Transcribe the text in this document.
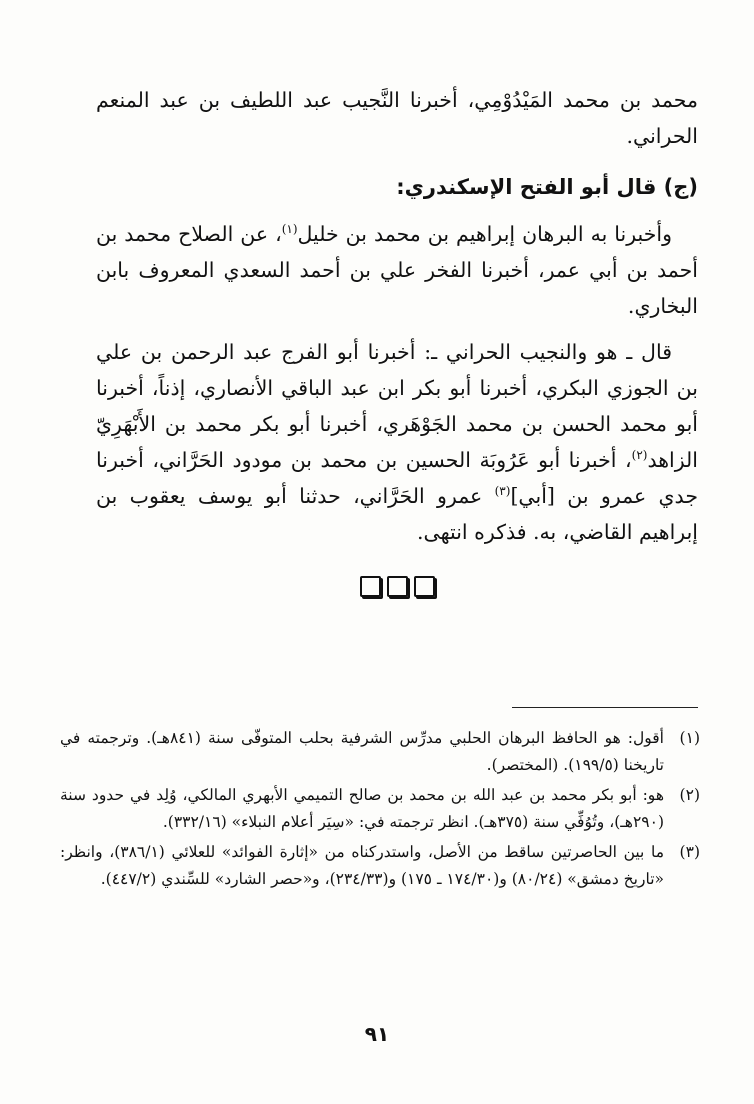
محمد بن محمد المَيْدُوْمِي، أخبرنا النَّجيب عبد اللطيف بن عبد المنعم الحراني.

(ج) قال أبو الفتح الإسكندري:

وأخبرنا به البرهان إبراهيم بن محمد بن خليل$^{(١)}$، عن الصلاح محمد بن أحمد بن أبي عمر، أخبرنا الفخر علي بن أحمد السعدي المعروف بابن البخاري.

قال ـ هو والنجيب الحراني ـ: أخبرنا أبو الفرج عبد الرحمن بن علي بن الجوزي البكري، أخبرنا أبو بكر ابن عبد الباقي الأنصاري، إذناً، أخبرنا أبو محمد الحسن بن محمد الجَوْهَري، أخبرنا أبو بكر محمد بن الأَبْهَرِيّ الزاهد$^{(٢)}$، أخبرنا أبو عَرُوبَة الحسين بن محمد بن مودود الحَرَّاني، أخبرنا جدي عمرو بن [أبي]$^{(٣)}$ عمرو الحَرَّاني، حدثنا أبو يوسف يعقوب بن إبراهيم القاضي، به. فذكره انتهى.

(١)
أقول: هو الحافظ البرهان الحلبي مدرِّس الشرفية بحلب المتوفّى سنة (٨٤١هـ). وترجمته في تاريخنا (١٩٩/٥). (المختصر).
(٢)
هو: أبو بكر محمد بن عبد الله بن محمد بن صالح التميمي الأبهري المالكي، وُلِد في حدود سنة (٢٩٠هـ)، وتُوُفِّي سنة (٣٧٥هـ). انظر ترجمته في: «سِيَر أعلام النبلاء» (٣٣٢/١٦).
(٣)
ما بين الحاصرتين ساقط من الأصل، واستدركناه من «إثارة الفوائد» للعلائي (٣٨٦/١)، وانظر: «تاريخ دمشق» (٨٠/٢٤) و(١٧٤/٣٠ ـ ١٧٥) و(٢٣٤/٣٣)، و«حصر الشارد» للسِّندي (٤٤٧/٢).
٩١
